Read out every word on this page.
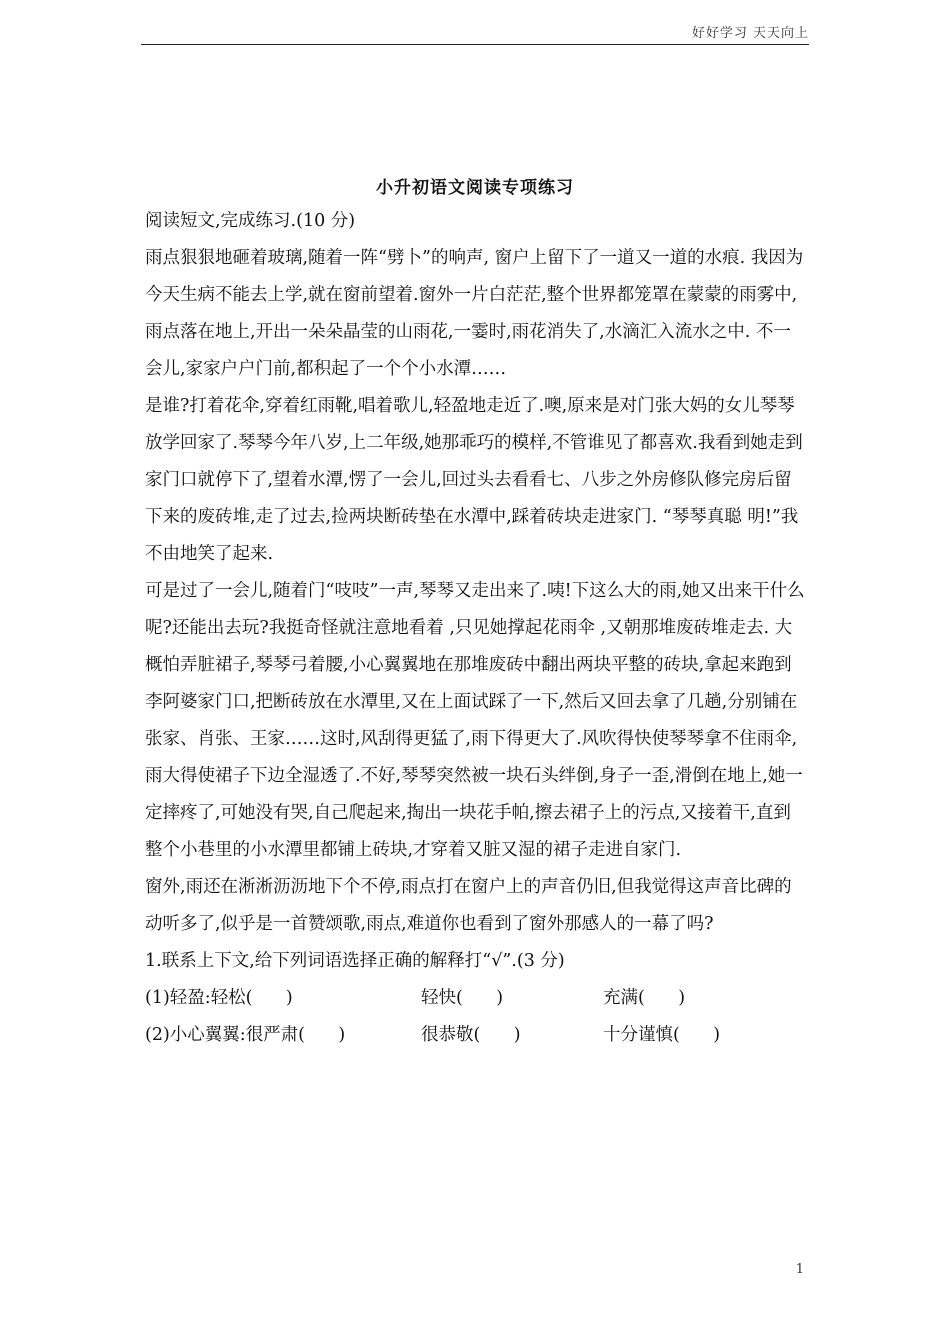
好好学习 天天向上
小升初语文阅读专项练习

阅读短文,完成练习.(10 分)

雨点狠狠地砸着玻璃,随着一阵“劈卜”的响声, 窗户上留下了一道又一道的水痕. 我因为今天生病不能去上学,就在窗前望着.窗外一片白茫茫,整个世界都笼罩在蒙蒙的雨雾中,雨点落在地上,开出一朵朵晶莹的山雨花,一霎时,雨花消失了,水滴汇入流水之中. 不一会儿,家家户户门前,都积起了一个个小水潭……

是谁?打着花伞,穿着红雨靴,唱着歌儿,轻盈地走近了.噢,原来是对门张大妈的女儿琴琴放学回家了.琴琴今年八岁,上二年级,她那乖巧的模样,不管谁见了都喜欢.我看到她走到家门口就停下了,望着水潭,愣了一会儿,回过头去看看七、八步之外房修队修完房后留下来的废砖堆,走了过去,捡两块断砖垫在水潭中,踩着砖块走进家门. “琴琴真聪 明!”我不由地笑了起来.

可是过了一会儿,随着门“吱吱”一声,琴琴又走出来了.咦!下这么大的雨,她又出来干什么呢?还能出去玩?我挺奇怪就注意地看着 ,只见她撑起花雨伞 ,又朝那堆废砖堆走去. 大概怕弄脏裙子,琴琴弓着腰,小心翼翼地在那堆废砖中翻出两块平整的砖块,拿起来跑到李阿婆家门口,把断砖放在水潭里,又在上面试踩了一下,然后又回去拿了几趟,分别铺在张家、肖张、王家……这时,风刮得更猛了,雨下得更大了.风吹得快使琴琴拿不住雨伞,雨大得使裙子下边全湿透了.不好,琴琴突然被一块石头绊倒,身子一歪,滑倒在地上,她一定摔疼了,可她没有哭,自己爬起来,掏出一块花手帕,擦去裙子上的污点,又接着干,直到整个小巷里的小水潭里都铺上砖块,才穿着又脏又湿的裙子走进自家门.

窗外,雨还在淅淅沥沥地下个不停,雨点打在窗户上的声音仍旧,但我觉得这声音比碑的动听多了,似乎是一首赞颂歌,雨点,难道你也看到了窗外那感人的一幕了吗?

1.联系上下文,给下列词语选择正确的解释打“√”.(3 分)

(1)轻盈:轻松(      )	轻快(      )	充满(      )
(2)小心翼翼:很严肃(      )	很恭敬(      )	十分谨慎(      )
1
